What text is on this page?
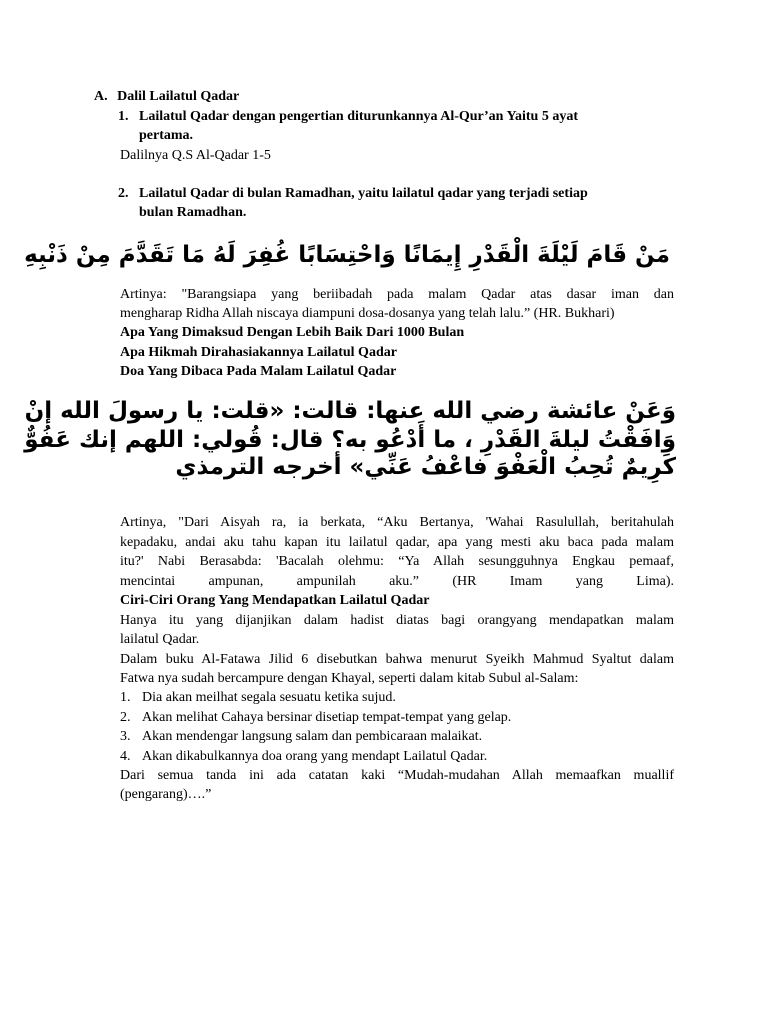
A. Dalil Lailatul Qadar
1. Lailatul Qadar dengan pengertian diturunkannya Al-Qur’an Yaitu 5 ayat
pertama.
Dalilnya Q.S Al-Qadar 1-5
2. Lailatul Qadar di bulan Ramadhan, yaitu lailatul qadar yang terjadi setiap
bulan Ramadhan.
مَنْ قَامَ لَيْلَةَ الْقَدْرِ إِيمَانًا وَاحْتِسَابًا غُفِرَ لَهُ مَا تَقَدَّمَ مِنْ ذَنْبِهِ
Artinya: "Barangsiapa yang beriibadah pada malam Qadar atas dasar iman dan
mengharap Ridha Allah niscaya diampuni dosa-dosanya yang telah lalu.” (HR. Bukhari)
Apa Yang Dimaksud Dengan Lebih Baik Dari 1000 Bulan
Apa Hikmah Dirahasiakannya Lailatul Qadar
Doa Yang Dibaca Pada Malam Lailatul Qadar
وَعَنْ عائشة رضي الله عنها: قالت: «قلت: يا رسولَ الله إنْ
وَافَقْتُ ليلةَ القَدْرِ ، ما أَدْعُو به؟ قال: قُولي: اللهم إنك عَفُوٌّ
كَرِيمٌ تُحِبُ الْعَفْوَ فاعْفُ عَنِّي» أخرجه الترمذي
Artinya, "Dari Aisyah ra, ia berkata, “Aku Bertanya, 'Wahai Rasulullah, beritahulah
kepadaku, andai aku tahu kapan itu lailatul qadar, apa yang mesti aku baca pada malam
itu?' Nabi Berasabda: 'Bacalah olehmu: “Ya Allah sesungguhnya Engkau pemaaf,
mencintai ampunan, ampunilah aku.” (HR Imam yang Lima).
Ciri-Ciri Orang Yang Mendapatkan Lailatul Qadar
Hanya itu yang dijanjikan dalam hadist diatas bagi orangyang mendapatkan malam
lailatul Qadar.
Dalam buku Al-Fatawa Jilid 6 disebutkan bahwa menurut Syeikh Mahmud Syaltut dalam
Fatwa nya sudah bercampure dengan Khayal, seperti dalam kitab Subul al-Salam:
1. Dia akan meilhat segala sesuatu ketika sujud.
2. Akan melihat Cahaya bersinar disetiap tempat-tempat yang gelap.
3. Akan mendengar langsung salam dan pembicaraan malaikat.
4. Akan dikabulkannya doa orang yang mendapt Lailatul Qadar.
Dari semua tanda ini ada catatan kaki “Mudah-mudahan Allah memaafkan muallif
(pengarang)….”
